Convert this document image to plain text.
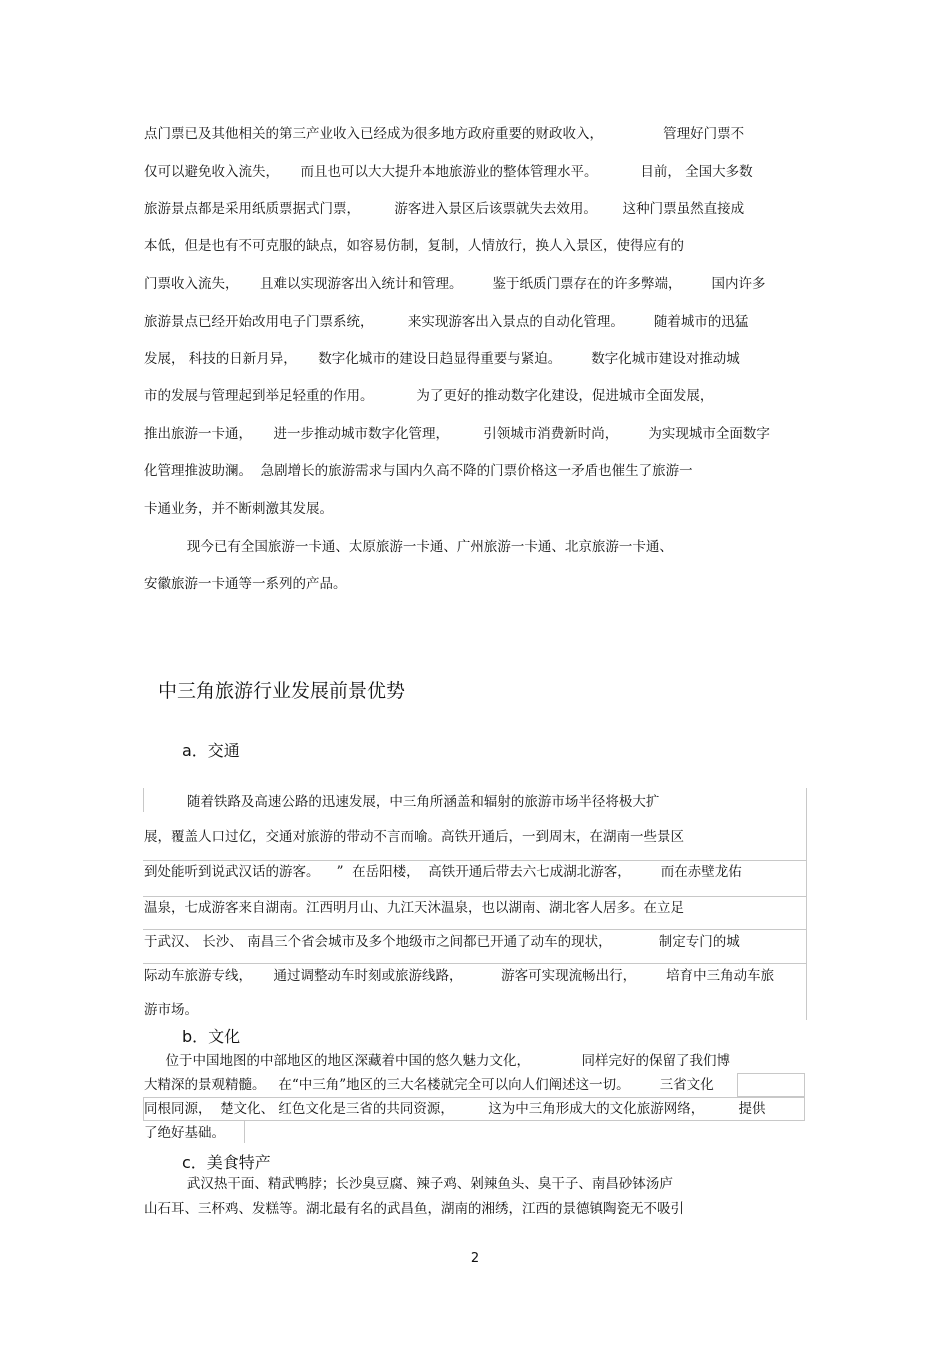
点门票已及其他相关的第三产业收入已经成为很多地方政府重要的财政收入，              管理好门票不
仅可以避免收入流失，     而且也可以大大提升本地旅游业的整体管理水平。          目前， 全国大多数
旅游景点都是采用纸质票据式门票，        游客进入景区后该票就失去效用。      这种门票虽然直接成
本低，但是也有不可克服的缺点，如容易仿制，复制，人情放行，换人入景区，使得应有的
门票收入流失，     且难以实现游客出入统计和管理。       鉴于纸质门票存在的许多弊端，       国内许多
旅游景点已经开始改用电子门票系统，        来实现游客出入景点的自动化管理。       随着城市的迅猛
发展， 科技的日新月异，     数字化城市的建设日趋显得重要与紧迫。       数字化城市建设对推动城
市的发展与管理起到举足轻重的作用。          为了更好的推动数字化建设，促进城市全面发展，
推出旅游一卡通，     进一步推动城市数字化管理，        引领城市消费新时尚，       为实现城市全面数字
化管理推波助澜。  急剧增长的旅游需求与国内久高不降的门票价格这一矛盾也催生了旅游一
卡通业务，并不断刺激其发展。
现今已有全国旅游一卡通、太原旅游一卡通、广州旅游一卡通、北京旅游一卡通、
安徽旅游一卡通等一系列的产品。
中三角旅游行业发展前景优势
a．交通
随着铁路及高速公路的迅速发展，中三角所涵盖和辐射的旅游市场半径将极大扩
展，覆盖人口过亿，交通对旅游的带动不言而喻。高铁开通后，一到周末，在湖南一些景区
到处能听到说武汉话的游客。    ”  在岳阳楼，  高铁开通后带去六七成湖北游客，       而在赤壁龙佑
温泉，七成游客来自湖南。江西明月山、九江天沐温泉，也以湖南、湖北客人居多。在立足
于武汉、 长沙、 南昌三个省会城市及多个地级市之间都已开通了动车的现状，           制定专门的城
际动车旅游专线，     通过调整动车时刻或旅游线路，         游客可实现流畅出行，       培育中三角动车旅
游市场。
b．文化
位于中国地图的中部地区的地区深藏着中国的悠久魅力文化，            同样完好的保留了我们博
大精深的景观精髓。   在“中三角”地区的三大名楼就完全可以向人们阐述这一切。       三省文化
同根同源，  楚文化、 红色文化是三省的共同资源，        这为中三角形成大的文化旅游网络，        提供
了绝好基础。
c．美食特产
武汉热干面、精武鸭脖；长沙臭豆腐、辣子鸡、剁辣鱼头、臭干子、南昌砂钵汤庐
山石耳、三杯鸡、发糕等。湖北最有名的武昌鱼，湖南的湘绣，江西的景德镇陶瓷无不吸引
2
